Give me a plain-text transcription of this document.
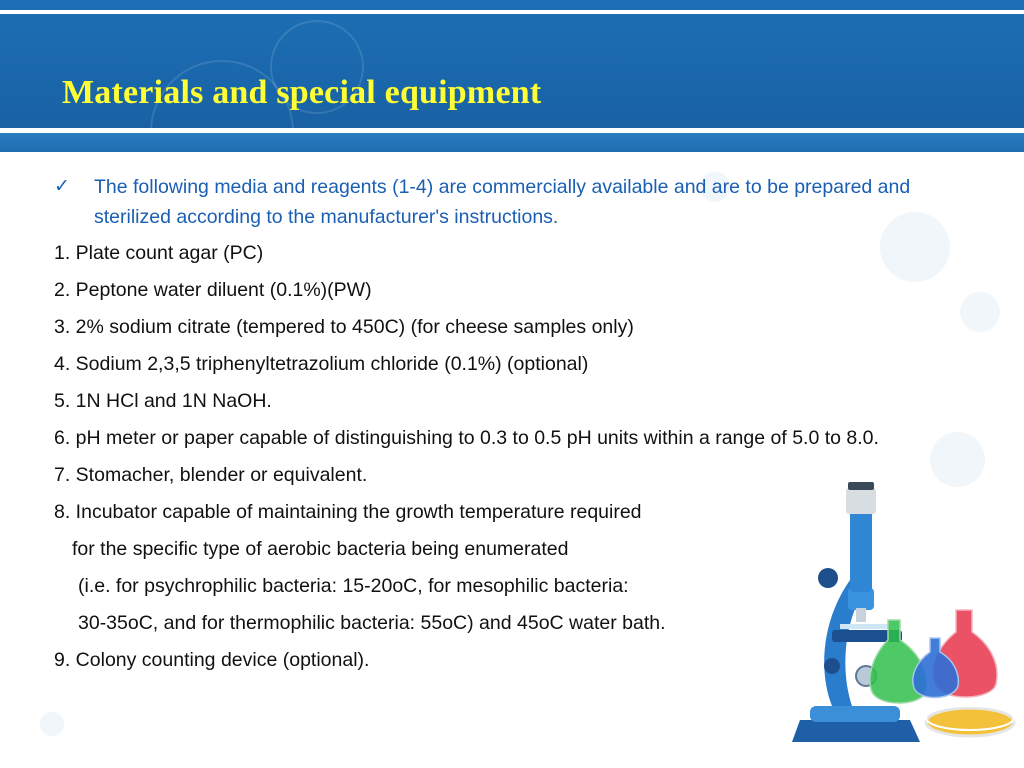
Materials and special equipment
✓ The following media and reagents (1-4) are commercially available and are to be prepared and sterilized according to the manufacturer's instructions.
1. Plate count agar (PC)
2. Peptone water diluent (0.1%)(PW)
3. 2% sodium citrate (tempered to 450C) (for cheese samples only)
4. Sodium 2,3,5 triphenyltetrazolium chloride (0.1%) (optional)
5. 1N HCl and 1N NaOH.
6. pH meter or paper capable of distinguishing to 0.3 to 0.5 pH units within a range of 5.0 to 8.0.
7. Stomacher, blender or equivalent.
8. Incubator capable of maintaining the growth temperature required
for the specific type of aerobic bacteria being enumerated
(i.e. for psychrophilic bacteria: 15-20oC, for mesophilic bacteria:
30-35oC, and for thermophilic bacteria: 55oC) and 45oC water bath.
9. Colony counting device (optional).
